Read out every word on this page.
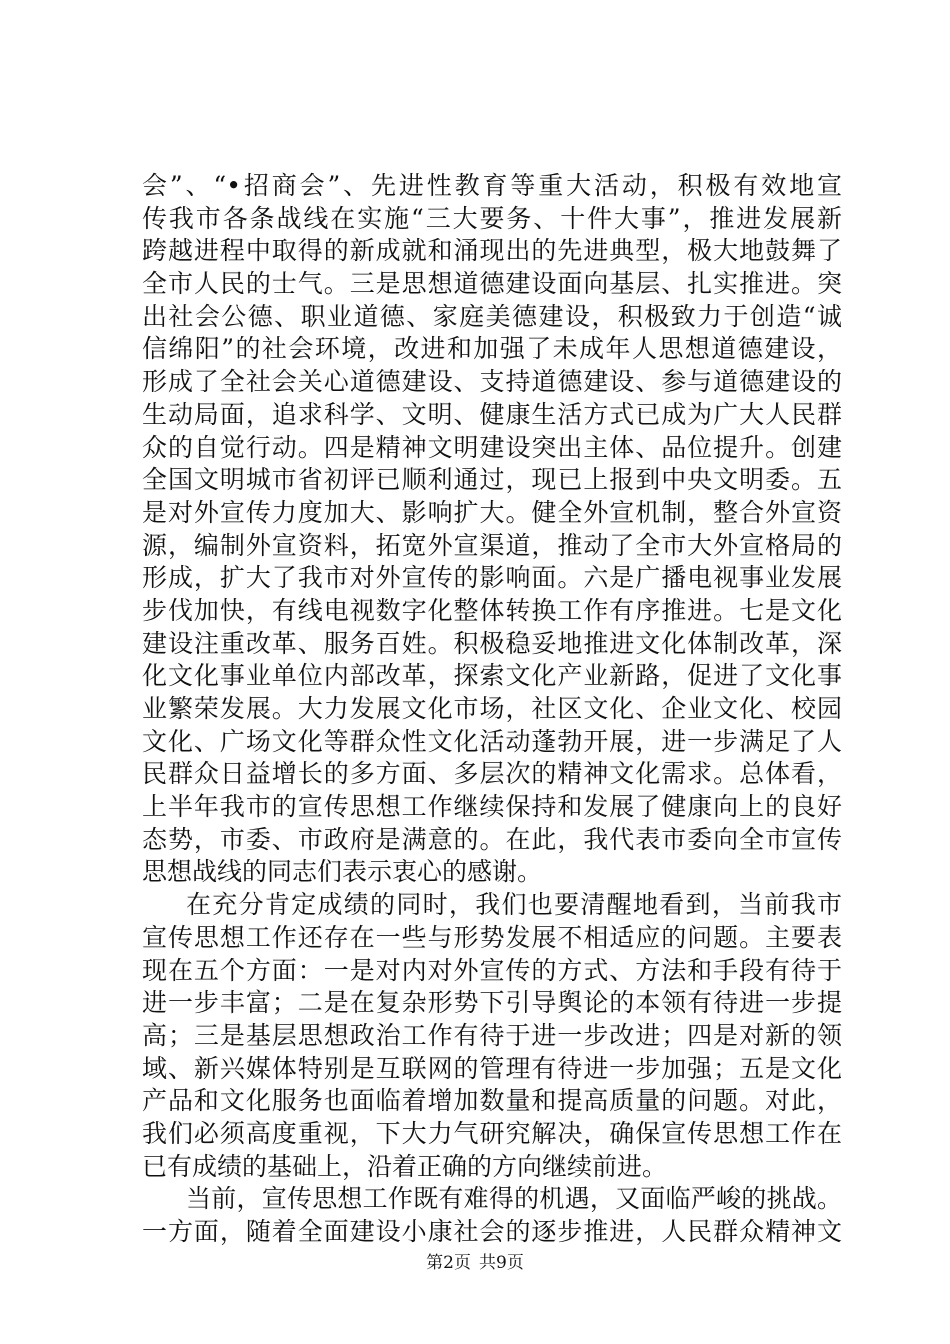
会”、“•招商会”、先进性教育等重大活动，积极有效地宣
传我市各条战线在实施“三大要务、十件大事”，推进发展新
跨越进程中取得的新成就和涌现出的先进典型，极大地鼓舞了
全市人民的士气。三是思想道德建设面向基层、扎实推进。突
出社会公德、职业道德、家庭美德建设，积极致力于创造“诚
信绵阳”的社会环境，改进和加强了未成年人思想道德建设，
形成了全社会关心道德建设、支持道德建设、参与道德建设的
生动局面，追求科学、文明、健康生活方式已成为广大人民群
众的自觉行动。四是精神文明建设突出主体、品位提升。创建
全国文明城市省初评已顺利通过，现已上报到中央文明委。五
是对外宣传力度加大、影响扩大。健全外宣机制，整合外宣资
源，编制外宣资料，拓宽外宣渠道，推动了全市大外宣格局的
形成，扩大了我市对外宣传的影响面。六是广播电视事业发展
步伐加快，有线电视数字化整体转换工作有序推进。七是文化
建设注重改革、服务百姓。积极稳妥地推进文化体制改革，深
化文化事业单位内部改革，探索文化产业新路，促进了文化事
业繁荣发展。大力发展文化市场，社区文化、企业文化、校园
文化、广场文化等群众性文化活动蓬勃开展，进一步满足了人
民群众日益增长的多方面、多层次的精神文化需求。总体看，
上半年我市的宣传思想工作继续保持和发展了健康向上的良好
态势，市委、市政府是满意的。在此，我代表市委向全市宣传
思想战线的同志们表示衷心的感谢。
在充分肯定成绩的同时，我们也要清醒地看到，当前我市
宣传思想工作还存在一些与形势发展不相适应的问题。主要表
现在五个方面：一是对内对外宣传的方式、方法和手段有待于
进一步丰富；二是在复杂形势下引导舆论的本领有待进一步提
高；三是基层思想政治工作有待于进一步改进；四是对新的领
域、新兴媒体特别是互联网的管理有待进一步加强；五是文化
产品和文化服务也面临着增加数量和提高质量的问题。对此，
我们必须高度重视，下大力气研究解决，确保宣传思想工作在
已有成绩的基础上，沿着正确的方向继续前进。
当前，宣传思想工作既有难得的机遇，又面临严峻的挑战。
一方面，随着全面建设小康社会的逐步推进，人民群众精神文
第2页 共9页
